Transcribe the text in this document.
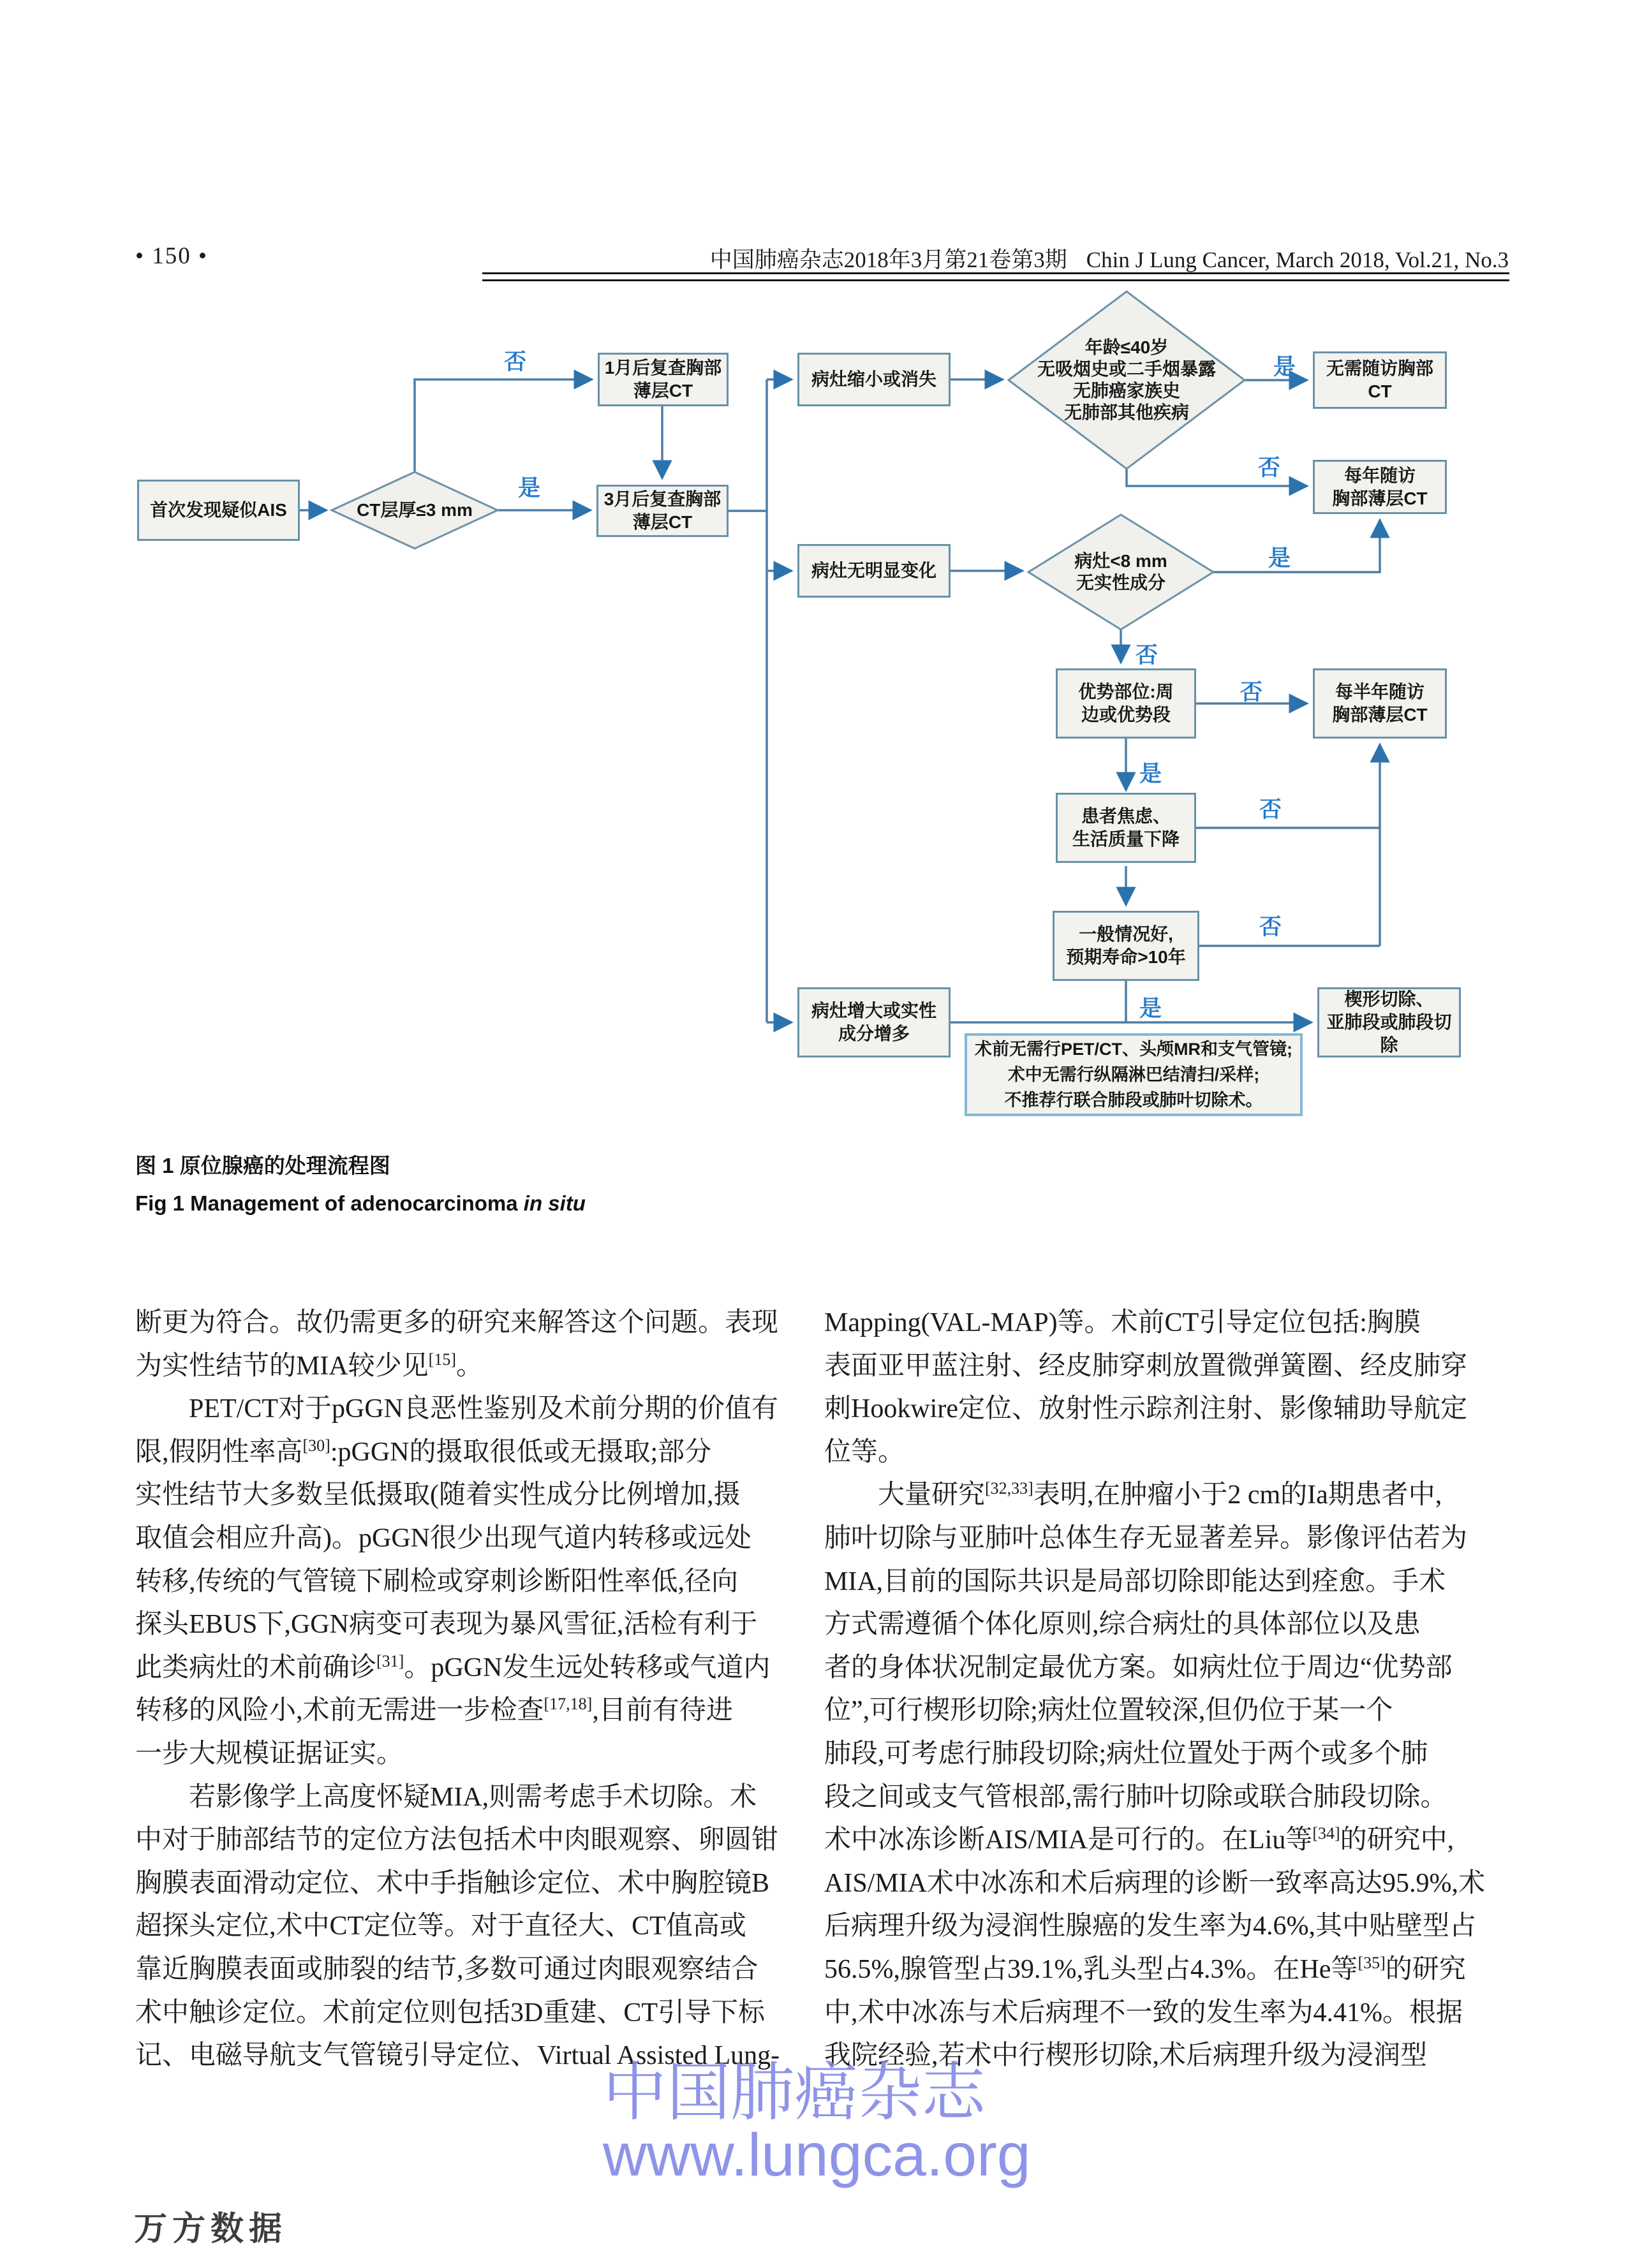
• 150 •	中国肺癌杂志2018年3月第21卷第3期 Chin J Lung Cancer, March 2018, Vol.21, No.3
首次发现疑似AIS	CT层厚≤3 mm
1月后复查胸部
薄层CT
3月后复查胸部
薄层CT
病灶缩小或消失
年龄≤40岁
无吸烟史或二手烟暴露
无肺癌家族史
无肺部其他疾病
无需随访胸部CT
每年随访
胸部薄层CT
病灶无明显变化	病灶<8 mm
无实性成分
优势部位:周
边或优势段
每半年随访
胸部薄层CT
患者焦虑、
生活质量下降
一般情况好,
预期寿命>10年
病灶增大或实性
成分增多
楔形切除、
亚肺段或肺段切除
术前无需行PET/CT、头颅MR和支气管镜;
术中无需行纵隔淋巴结清扫/采样;
不推荐行联合肺段或肺叶切除术。
否
是
是
否
是
否
否
是
否
否
是
图 1 原位腺癌的处理流程图
Fig 1 Management of adenocarcinoma in situ
断更为符合。故仍需更多的研究来解答这个问题。表现
为实性结节的MIA较少见[15]。
　　PET/CT对于pGGN良恶性鉴别及术前分期的价值有
限,假阴性率高[30]:pGGN的摄取很低或无摄取;部分
实性结节大多数呈低摄取(随着实性成分比例增加,摄
取值会相应升高)。pGGN很少出现气道内转移或远处
转移,传统的气管镜下刷检或穿刺诊断阳性率低,径向
探头EBUS下,GGN病变可表现为暴风雪征,活检有利于
此类病灶的术前确诊[31]。pGGN发生远处转移或气道内
转移的风险小,术前无需进一步检查[17,18],目前有待进
一步大规模证据证实。
　　若影像学上高度怀疑MIA,则需考虑手术切除。术
中对于肺部结节的定位方法包括术中肉眼观察、卵圆钳
胸膜表面滑动定位、术中手指触诊定位、术中胸腔镜B
超探头定位,术中CT定位等。对于直径大、CT值高或
靠近胸膜表面或肺裂的结节,多数可通过肉眼观察结合
术中触诊定位。术前定位则包括3D重建、CT引导下标
记、电磁导航支气管镜引导定位、Virtual Assisted Lung-
Mapping(VAL-MAP)等。术前CT引导定位包括:胸膜
表面亚甲蓝注射、经皮肺穿刺放置微弹簧圈、经皮肺穿
刺Hookwire定位、放射性示踪剂注射、影像辅助导航定
位等。
　　大量研究[32,33]表明,在肿瘤小于2 cm的Ia期患者中,
肺叶切除与亚肺叶总体生存无显著差异。影像评估若为
MIA,目前的国际共识是局部切除即能达到痊愈。手术
方式需遵循个体化原则,综合病灶的具体部位以及患
者的身体状况制定最优方案。如病灶位于周边“优势部
位”,可行楔形切除;病灶位置较深,但仍位于某一个
肺段,可考虑行肺段切除;病灶位置处于两个或多个肺
段之间或支气管根部,需行肺叶切除或联合肺段切除。
术中冰冻诊断AIS/MIA是可行的。在Liu等[34]的研究中,
AIS/MIA术中冰冻和术后病理的诊断一致率高达95.9%,术
后病理升级为浸润性腺癌的发生率为4.6%,其中贴壁型占
56.5%,腺管型占39.1%,乳头型占4.3%。在He等[35]的研究
中,术中冰冻与术后病理不一致的发生率为4.41%。根据
我院经验,若术中行楔形切除,术后病理升级为浸润型
中国肺癌杂志
www.lungca.org
万方数据
